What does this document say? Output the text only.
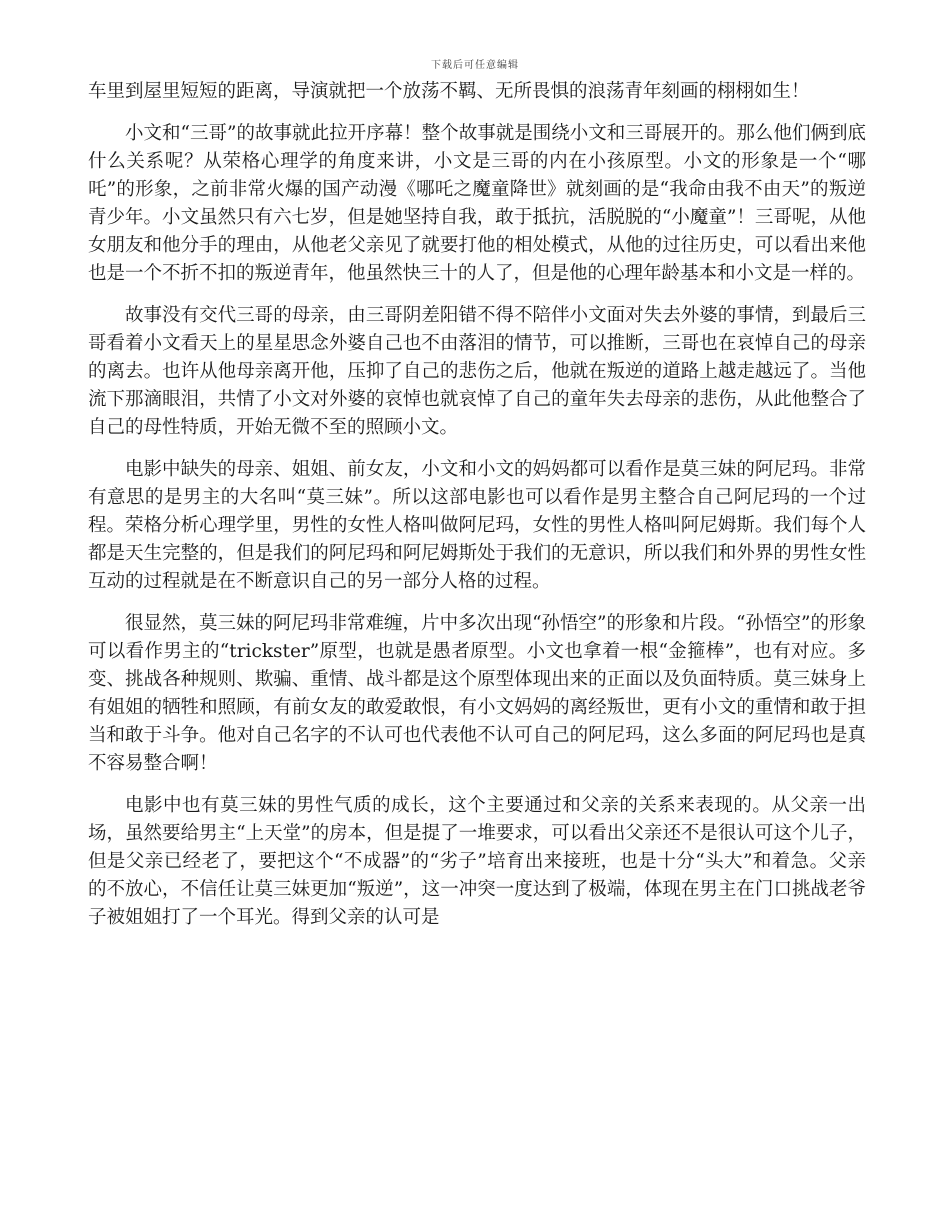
下载后可任意编辑

车里到屋里短短的距离，导演就把一个放荡不羁、无所畏惧的浪荡青年刻画的栩栩如生！

小文和“三哥”的故事就此拉开序幕！整个故事就是围绕小文和三哥展开的。那么他们俩到底什么关系呢？从荣格心理学的角度来讲，小文是三哥的内在小孩原型。小文的形象是一个“哪吒”的形象，之前非常火爆的国产动漫《哪吒之魔童降世》就刻画的是“我命由我不由天”的叛逆青少年。小文虽然只有六七岁，但是她坚持自我，敢于抵抗，活脱脱的“小魔童”！三哥呢，从他女朋友和他分手的理由，从他老父亲见了就要打他的相处模式，从他的过往历史，可以看出来他也是一个不折不扣的叛逆青年，他虽然快三十的人了，但是他的心理年龄基本和小文是一样的。

故事没有交代三哥的母亲，由三哥阴差阳错不得不陪伴小文面对失去外婆的事情，到最后三哥看着小文看天上的星星思念外婆自己也不由落泪的情节，可以推断，三哥也在哀悼自己的母亲的离去。也许从他母亲离开他，压抑了自己的悲伤之后，他就在叛逆的道路上越走越远了。当他流下那滴眼泪，共情了小文对外婆的哀悼也就哀悼了自己的童年失去母亲的悲伤，从此他整合了自己的母性特质，开始无微不至的照顾小文。

电影中缺失的母亲、姐姐、前女友，小文和小文的妈妈都可以看作是莫三妹的阿尼玛。非常有意思的是男主的大名叫“莫三妹”。所以这部电影也可以看作是男主整合自己阿尼玛的一个过程。荣格分析心理学里，男性的女性人格叫做阿尼玛，女性的男性人格叫阿尼姆斯。我们每个人都是天生完整的，但是我们的阿尼玛和阿尼姆斯处于我们的无意识，所以我们和外界的男性女性互动的过程就是在不断意识自己的另一部分人格的过程。

很显然，莫三妹的阿尼玛非常难缠，片中多次出现“孙悟空”的形象和片段。“孙悟空”的形象可以看作男主的“trickster”原型，也就是愚者原型。小文也拿着一根“金箍棒”，也有对应。多变、挑战各种规则、欺骗、重情、战斗都是这个原型体现出来的正面以及负面特质。莫三妹身上有姐姐的牺牲和照顾，有前女友的敢爱敢恨，有小文妈妈的离经叛世，更有小文的重情和敢于担当和敢于斗争。他对自己名字的不认可也代表他不认可自己的阿尼玛，这么多面的阿尼玛也是真不容易整合啊！

电影中也有莫三妹的男性气质的成长，这个主要通过和父亲的关系来表现的。从父亲一出场，虽然要给男主“上天堂”的房本，但是提了一堆要求，可以看出父亲还不是很认可这个儿子，但是父亲已经老了，要把这个“不成器”的“劣子”培育出来接班，也是十分“头大”和着急。父亲的不放心，不信任让莫三妹更加“叛逆”，这一冲突一度达到了极端，体现在男主在门口挑战老爷子被姐姐打了一个耳光。得到父亲的认可是
